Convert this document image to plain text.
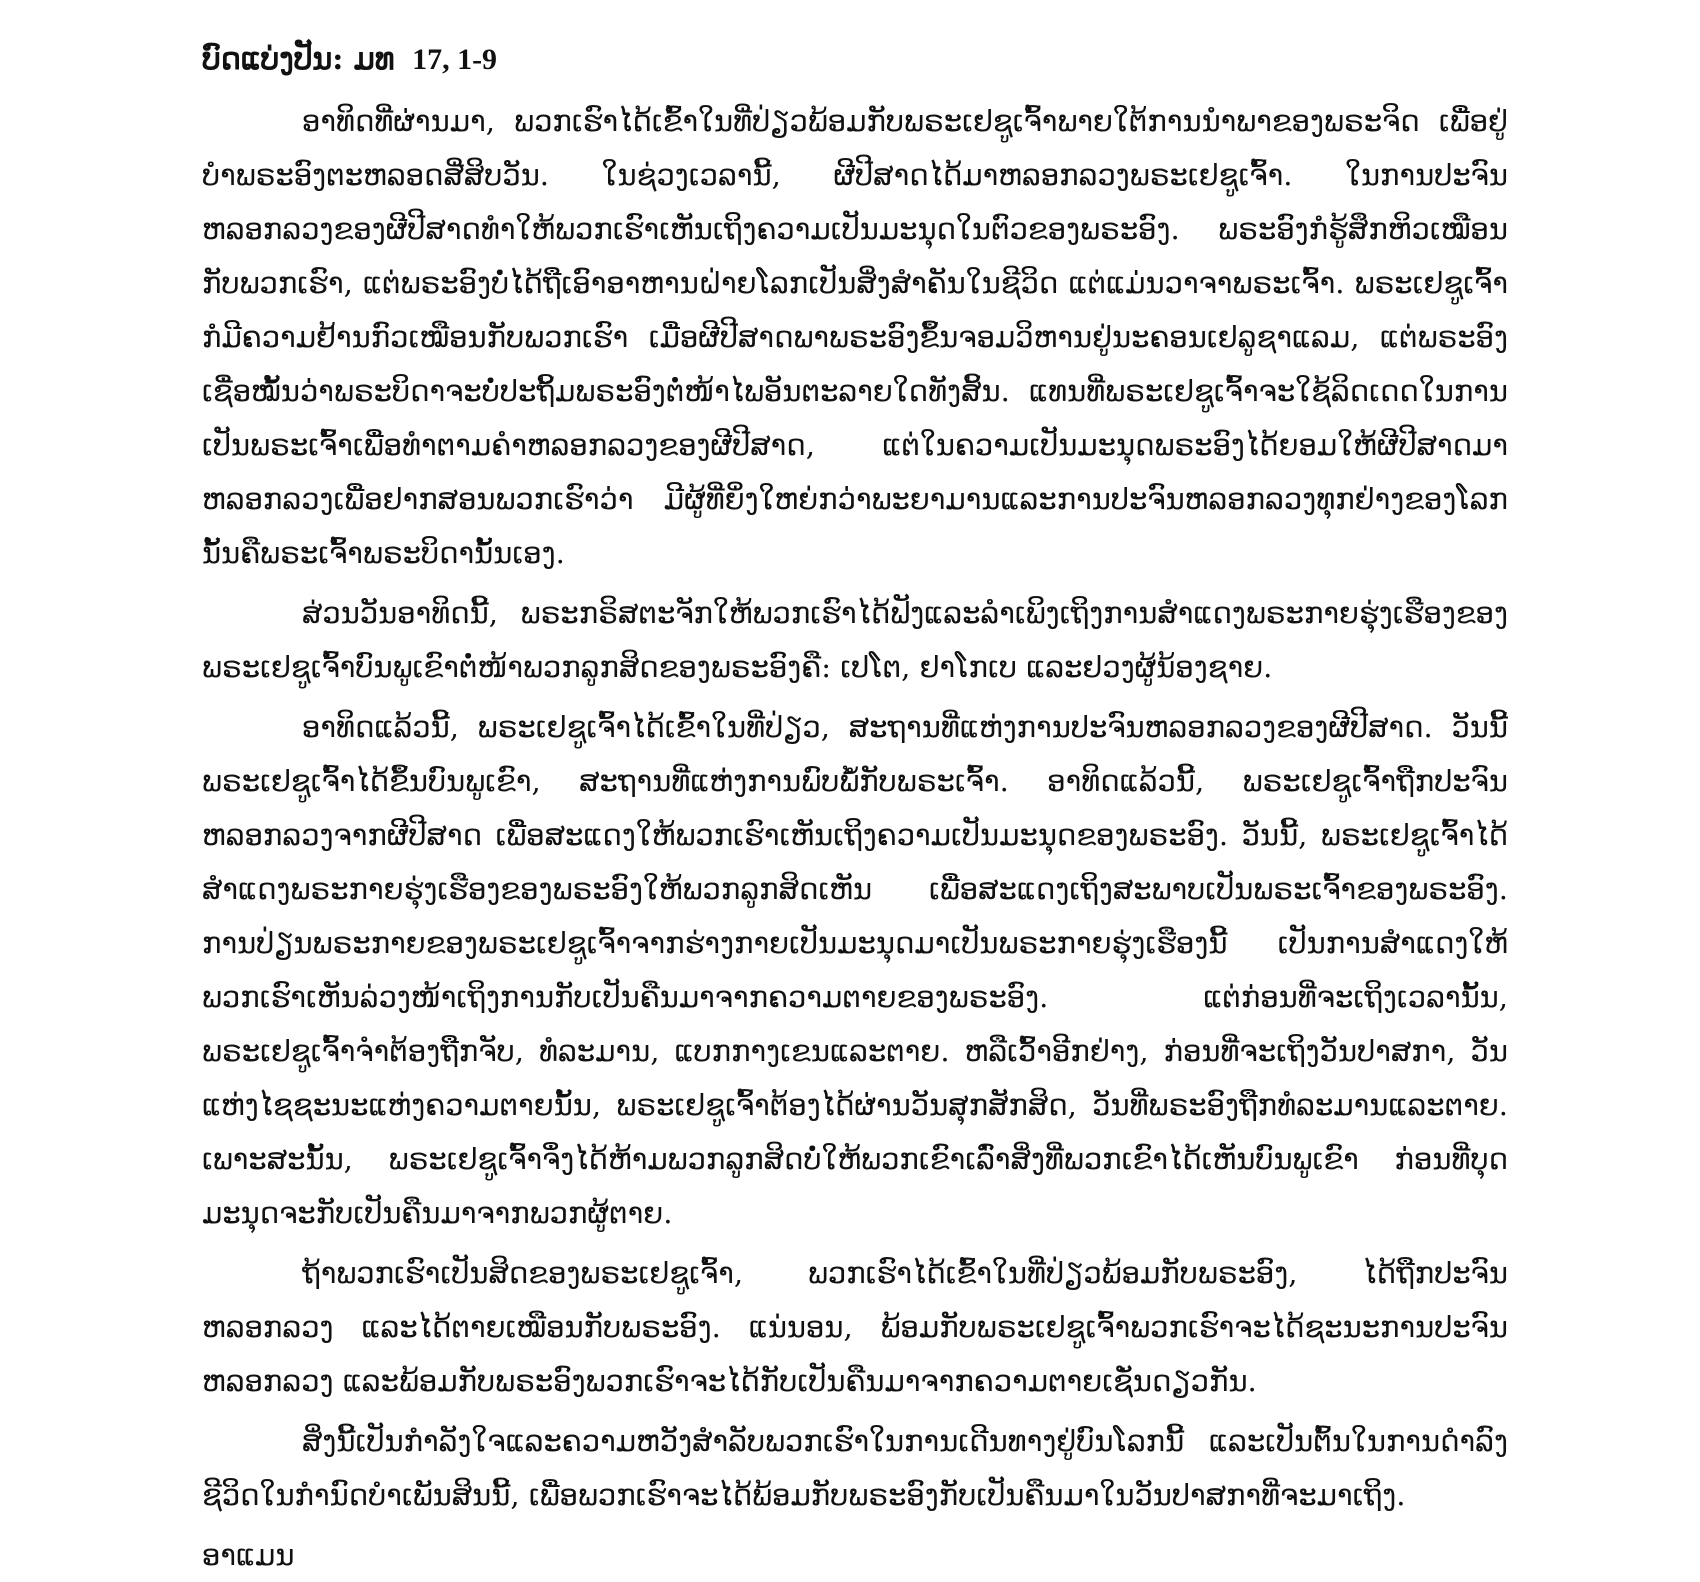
ບົດແບ່ງປັນ: ມທ 17, 1-9

ອາທິດທີ່ຜ່ານມາ, ພວກເຮົາໄດ້ເຂົ້າໃນທີ່ປ່ຽວພ້ອມກັບພຣະເຢຊູເຈົ້າພາຍໃຕ້ການນຳພາຂອງພຣະຈິດ ເພື່ອຢູ່ບຳພຣະອົງຕະຫລອດສີ່ສິບວັນ. ໃນຊ່ວງເວລານີ້, ຜີປີສາດໄດ້ມາຫລອກລວງພຣະເຢຊູເຈົ້າ. ໃນການປະຈົນຫລອກລວງຂອງຜີປີສາດທຳໃຫ້ພວກເຮົາເຫັນເຖິງຄວາມເປັນມະນຸດໃນຕົວຂອງພຣະອົງ. ພຣະອົງກໍຮູ້ສຶກຫິວເໝືອນກັບພວກເຮົາ, ແຕ່ພຣະອົງບໍ່ໄດ້ຖືເອົາອາຫານຝ່າຍໂລກເປັນສິ່ງສຳຄັນໃນຊີວິດ ແຕ່ແມ່ນວາຈາພຣະເຈົ້າ. ພຣະເຢຊູເຈົ້າກໍມີຄວາມຢ້ານກົວເໝືອນກັບພວກເຮົາ ເມື່ອຜີປີສາດພາພຣະອົງຂຶ້ນຈອມວິຫານຢູ່ນະຄອນເຢລູຊາແລມ, ແຕ່ພຣະອົງເຊື່ອໝັ້ນວ່າພຣະບິດາຈະບໍ່ປະຖິ້ມພຣະອົງຕໍ່ໜ້າໄພອັນຕະລາຍໃດທັງສິ້ນ. ແທນທີ່ພຣະເຢຊູເຈົ້າຈະໃຊ້ລິດເດດໃນການເປັນພຣະເຈົ້າເພື່ອທຳຕາມຄຳຫລອກລວງຂອງຜີປີສາດ, ແຕ່ໃນຄວາມເປັນມະນຸດພຣະອົງໄດ້ຍອມໃຫ້ຜີປີສາດມາຫລອກລວງເພື່ອຢາກສອນພວກເຮົາວ່າ ມີຜູ້ທີ່ຍິ່ງໃຫຍ່ກວ່າພະຍາມານແລະການປະຈົນຫລອກລວງທຸກຢ່າງຂອງໂລກນັ້ນຄືພຣະເຈົ້າພຣະບິດານັ້ນເອງ.

ສ່ວນວັນອາທິດນີ້, ພຣະກຣິສຕະຈັກໃຫ້ພວກເຮົາໄດ້ຟັງແລະລຳເພິງເຖິງການສຳແດງພຣະກາຍຮຸ່ງເຮືອງຂອງພຣະເຢຊູເຈົ້າບົນພູເຂົາຕໍ່ໜ້າພວກລູກສິດຂອງພຣະອົງຄື: ເປໂຕ, ຢາໂກເບ ແລະຢວງຜູ້ນ້ອງຊາຍ.

ອາທິດແລ້ວນີ້, ພຣະເຢຊູເຈົ້າໄດ້ເຂົ້າໃນທີ່ປ່ຽວ, ສະຖານທີ່ແຫ່ງການປະຈົນຫລອກລວງຂອງຜີປີສາດ. ວັນນີ້ພຣະເຢຊູເຈົ້າໄດ້ຂຶ້ນບົນພູເຂົາ, ສະຖານທີ່ແຫ່ງການພົບພໍ້ກັບພຣະເຈົ້າ. ອາທິດແລ້ວນີ້, ພຣະເຢຊູເຈົ້າຖືກປະຈົນຫລອກລວງຈາກຜີປີສາດ ເພື່ອສະແດງໃຫ້ພວກເຮົາເຫັນເຖິງຄວາມເປັນມະນຸດຂອງພຣະອົງ. ວັນນີ້, ພຣະເຢຊູເຈົ້າໄດ້ສຳແດງພຣະກາຍຮຸ່ງເຮືອງຂອງພຣະອົງໃຫ້ພວກລູກສິດເຫັນ ເພື່ອສະແດງເຖິງສະພາບເປັນພຣະເຈົ້າຂອງພຣະອົງ. ການປ່ຽນພຣະກາຍຂອງພຣະເຢຊູເຈົ້າຈາກຮ່າງກາຍເປັນມະນຸດມາເປັນພຣະກາຍຮຸ່ງເຮືອງນີ້ ເປັນການສຳແດງໃຫ້ພວກເຮົາເຫັນລ່ວງໜ້າເຖິງການກັບເປັນຄືນມາຈາກຄວາມຕາຍຂອງພຣະອົງ. ແຕ່ກ່ອນທີ່ຈະເຖິງເວລານັ້ນ, ພຣະເຢຊູເຈົ້າຈຳຕ້ອງຖືກຈັບ, ທໍລະມານ, ແບກກາງເຂນແລະຕາຍ. ຫລືເວົ້າອີກຢ່າງ, ກ່ອນທີ່ຈະເຖິງວັນປາສກາ, ວັນແຫ່ງໄຊຊະນະແຫ່ງຄວາມຕາຍນັ້ນ, ພຣະເຢຊູເຈົ້າຕ້ອງໄດ້ຜ່ານວັນສຸກສັກສິດ, ວັນທີ່ພຣະອົງຖືກທໍລະມານແລະຕາຍ. ເພາະສະນັ້ນ, ພຣະເຢຊູເຈົ້າຈຶ່ງໄດ້ຫ້າມພວກລູກສິດບໍ່ໃຫ້ພວກເຂົາເລົ່າສິ່ງທີ່ພວກເຂົາໄດ້ເຫັນບົນພູເຂົາ ກ່ອນທີ່ບຸດມະນຸດຈະກັບເປັນຄືນມາຈາກພວກຜູ້ຕາຍ.

ຖ້າພວກເຮົາເປັນສິດຂອງພຣະເຢຊູເຈົ້າ, ພວກເຮົາໄດ້ເຂົ້າໃນທີ່ປ່ຽວພ້ອມກັບພຣະອົງ, ໄດ້ຖືກປະຈົນຫລອກລວງ ແລະໄດ້ຕາຍເໝືອນກັບພຣະອົງ. ແນ່ນອນ, ພ້ອມກັບພຣະເຢຊູເຈົ້າພວກເຮົາຈະໄດ້ຊະນະການປະຈົນຫລອກລວງ ແລະພ້ອມກັບພຣະອົງພວກເຮົາຈະໄດ້ກັບເປັນຄືນມາຈາກຄວາມຕາຍເຊັ່ນດຽວກັນ.

ສິ່ງນີ້ເປັນກຳລັງໃຈແລະຄວາມຫວັງສຳລັບພວກເຮົາໃນການເດີນທາງຢູ່ບົນໂລກນີ້ ແລະເປັນຕົ້ນໃນການດຳລົງຊີວິດໃນກຳນົດບຳເພັນສິນນີ້, ເພື່ອພວກເຮົາຈະໄດ້ພ້ອມກັບພຣະອົງກັບເປັນຄືນມາໃນວັນປາສກາທີ່ຈະມາເຖິງ.

ອາແມນ
